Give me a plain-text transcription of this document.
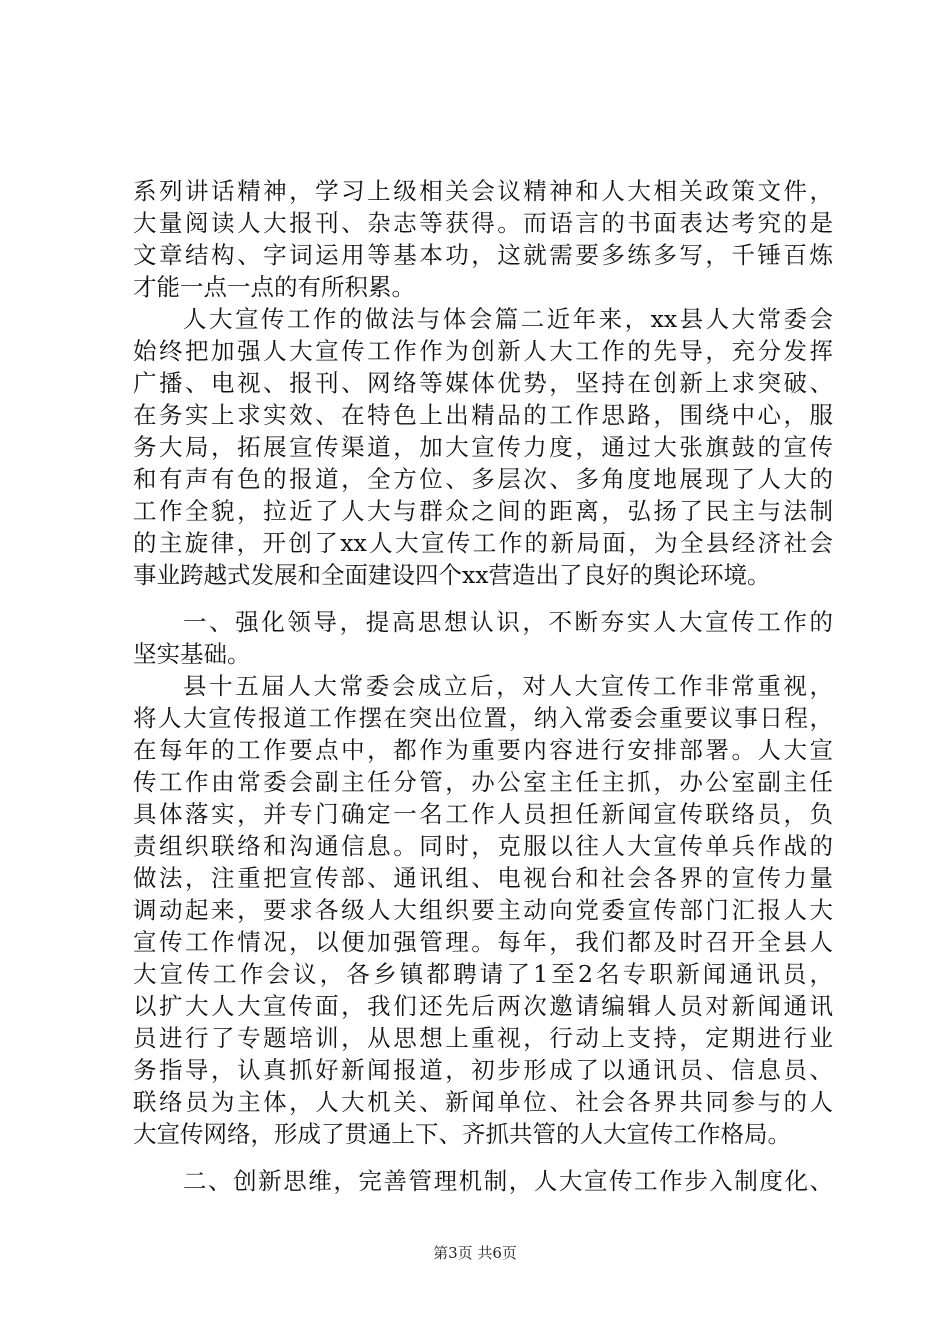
系列讲话精神，学习上级相关会议精神和人大相关政策文件，
大量阅读人大报刊、杂志等获得。而语言的书面表达考究的是
文章结构、字词运用等基本功，这就需要多练多写，千锤百炼
才能一点一点的有所积累。
人大宣传工作的做法与体会篇二近年来，xx县人大常委会
始终把加强人大宣传工作作为创新人大工作的先导，充分发挥
广播、电视、报刊、网络等媒体优势，坚持在创新上求突破、
在务实上求实效、在特色上出精品的工作思路，围绕中心，服
务大局，拓展宣传渠道，加大宣传力度，通过大张旗鼓的宣传
和有声有色的报道，全方位、多层次、多角度地展现了人大的
工作全貌，拉近了人大与群众之间的距离，弘扬了民主与法制
的主旋律，开创了xx人大宣传工作的新局面，为全县经济社会
事业跨越式发展和全面建设四个xx营造出了良好的舆论环境。
一、强化领导，提高思想认识，不断夯实人大宣传工作的
坚实基础。
县十五届人大常委会成立后，对人大宣传工作非常重视，
将人大宣传报道工作摆在突出位置，纳入常委会重要议事日程，
在每年的工作要点中，都作为重要内容进行安排部署。人大宣
传工作由常委会副主任分管，办公室主任主抓，办公室副主任
具体落实，并专门确定一名工作人员担任新闻宣传联络员，负
责组织联络和沟通信息。同时，克服以往人大宣传单兵作战的
做法，注重把宣传部、通讯组、电视台和社会各界的宣传力量
调动起来，要求各级人大组织要主动向党委宣传部门汇报人大
宣传工作情况，以便加强管理。每年，我们都及时召开全县人
大宣传工作会议，各乡镇都聘请了1至2名专职新闻通讯员，
以扩大人大宣传面，我们还先后两次邀请编辑人员对新闻通讯
员进行了专题培训，从思想上重视，行动上支持，定期进行业
务指导，认真抓好新闻报道，初步形成了以通讯员、信息员、
联络员为主体，人大机关、新闻单位、社会各界共同参与的人
大宣传网络，形成了贯通上下、齐抓共管的人大宣传工作格局。
二、创新思维，完善管理机制，人大宣传工作步入制度化、
第3页 共6页
